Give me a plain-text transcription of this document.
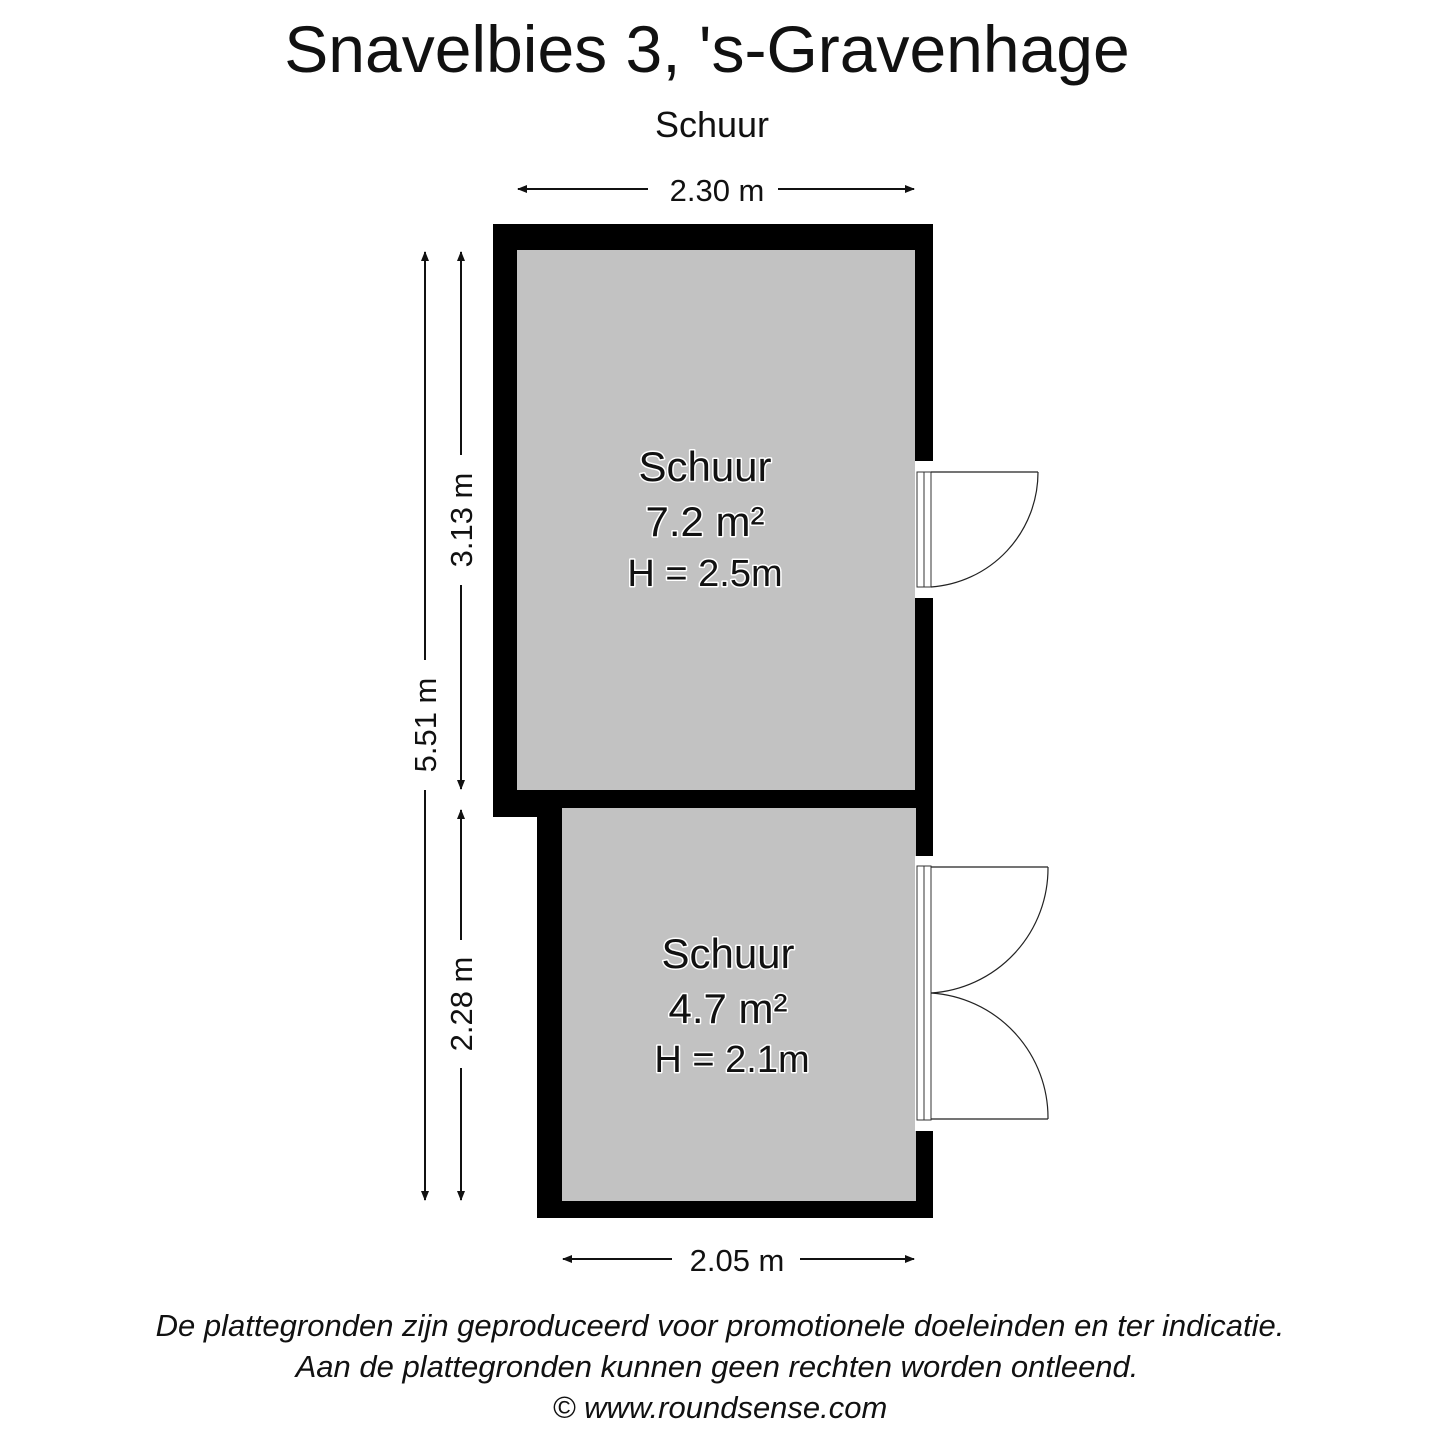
Snavelbies 3, 's-Gravenhage
Schuur
2.30 m
Schuur
7.2 m²
H = 2.5m
Schuur
4.7 m²
H = 2.1m
5.51 m
3.13 m
2.28 m
2.05 m
De plattegronden zijn geproduceerd voor promotionele doeleinden en ter indicatie.
Aan de plattegronden kunnen geen rechten worden ontleend.
© www.roundsense.com
